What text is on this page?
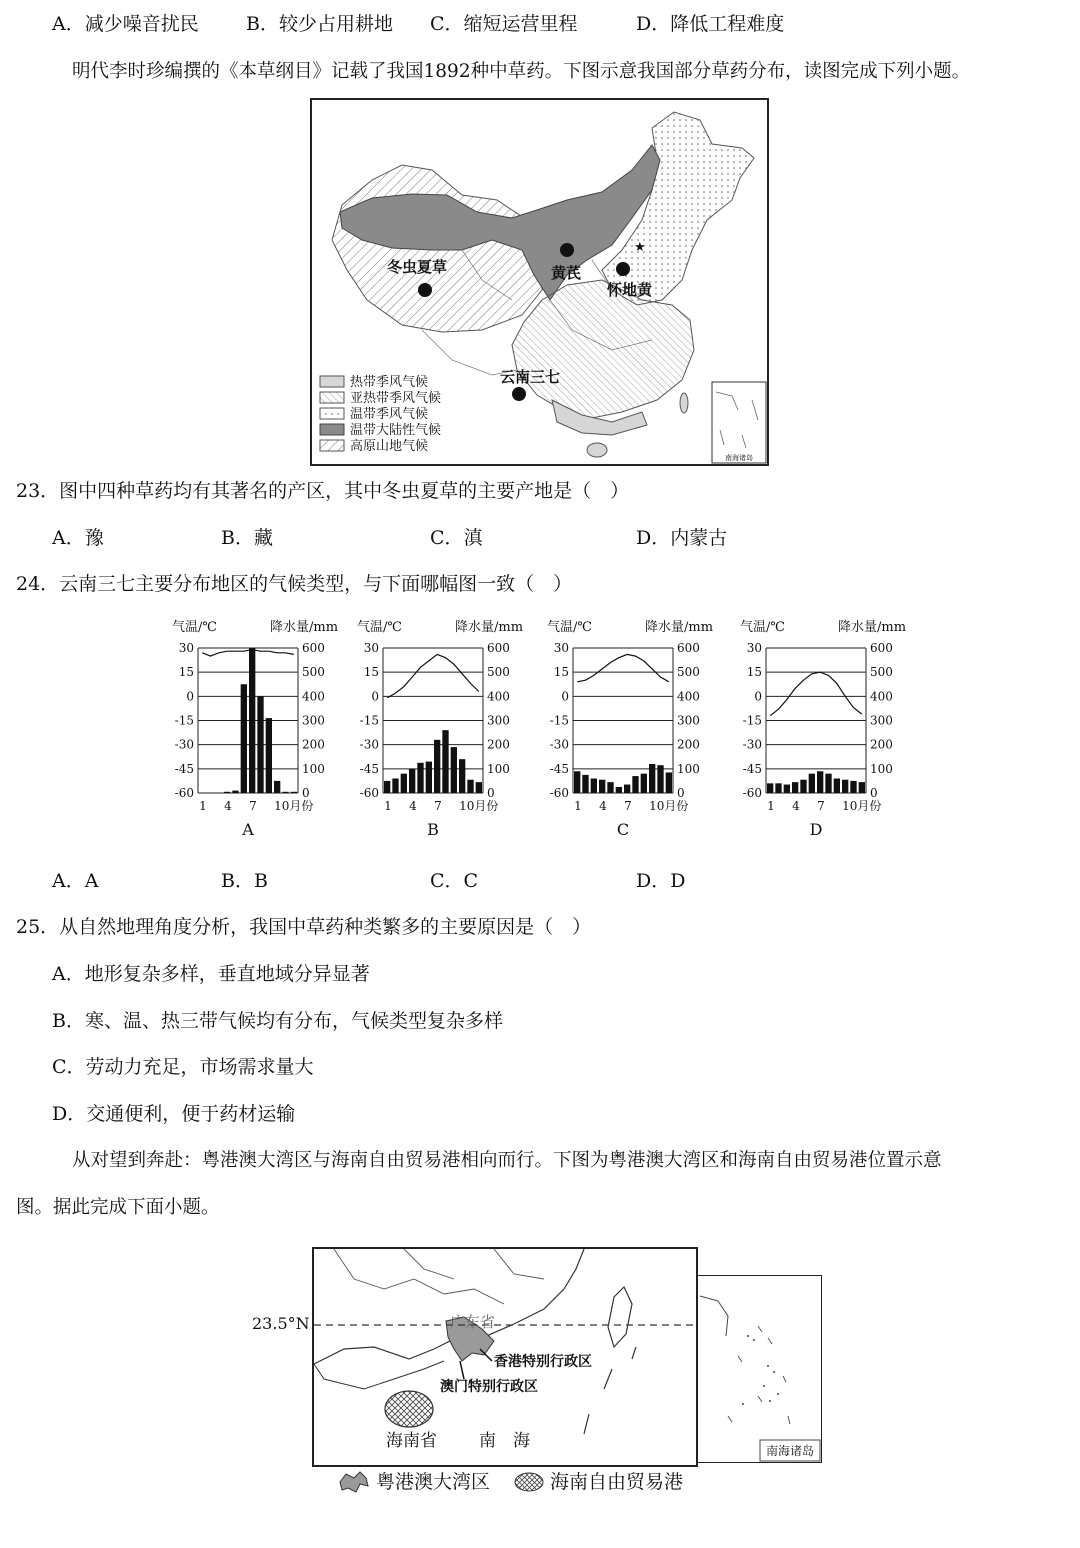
A．减少噪音扰民 B．较少占用耕地 C．缩短运营里程	D．降低工程难度
明代李时珍编撰的《本草纲目》记载了我国1892种中草药。下图示意我国部分草药分布，读图完成下列小题。
★
冬虫夏草	黄芪
怀地黄
云南三七
热带季风气候
亚热带季风气候
温带季风气候
温带大陆性气候
高原山地气候
南海诸岛
23．图中四种草药均有其著名的产区，其中冬虫夏草的主要产地是（　）
A．豫	B．藏	C．滇	D．内蒙古
24．云南三七主要分布地区的气候类型，与下面哪幅图一致（　）
气温/℃	降水量/mm
30	600
15	500
0	400
-15	300
-30	200
-45	100
-60	0
1 4 7 10月份
A
气温/℃	降水量/mm
30	600
15	500
0	400
-15	300
-30	200
-45	100
-60	0
1 4 7 10月份
B
气温/℃	降水量/mm
30	600
15	500
0	400
-15	300
-30	200
-45	100
-60	0
1 4 7 10月份
C
气温/℃	降水量/mm
30	600
15	500
0	400
-15	300
-30	200
-45	100
-60	0
1 4 7 10月份
D
A．A	B．B	C．C	D．D
25．从自然地理角度分析，我国中草药种类繁多的主要原因是（　）
A．地形复杂多样，垂直地域分异显著
B．寒、温、热三带气候均有分布，气候类型复杂多样
C．劳动力充足，市场需求量大
D．交通便利，便于药材运输
从对望到奔赴：粤港澳大湾区与海南自由贸易港相向而行。下图为粤港澳大湾区和海南自由贸易港位置示意
图。据此完成下面小题。
23.5°N	广东省
香港特别行政区
澳门特别行政区
海南省 南　海	南海诸岛
粤港澳大湾区	海南自由贸易港
